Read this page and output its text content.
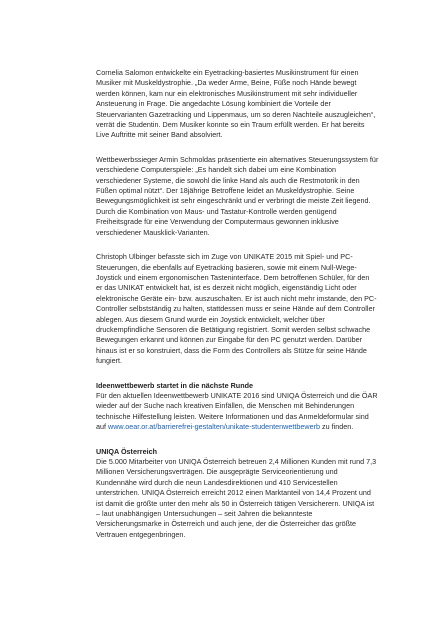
Cornelia Salomon entwickelte ein Eyetracking-basiertes Musikinstrument für einen
Musiker mit Muskeldystrophie. „Da weder Arme, Beine, Füße noch Hände bewegt
werden können, kam nur ein elektronisches Musikinstrument mit sehr individueller
Ansteuerung in Frage. Die angedachte Lösung kombiniert die Vorteile der
Steuervarianten Gazetracking und Lippenmaus, um so deren Nachteile auszugleichen“,
verrät die Studentin. Dem Musiker konnte so ein Traum erfüllt werden. Er hat bereits
Live Auftritte mit seiner Band absolviert.

Wettbewerbssieger Armin Schmoldas präsentierte ein alternatives Steuerungssystem für
verschiedene Computerspiele: „Es handelt sich dabei um eine Kombination
verschiedener Systeme, die sowohl die linke Hand als auch die Restmotorik in den
Füßen optimal nützt“. Der 18jährige Betroffene leidet an Muskeldystrophie. Seine
Bewegungsmöglichkeit ist sehr eingeschränkt und er verbringt die meiste Zeit liegend.
Durch die Kombination von Maus- und Tastatur-Kontrolle werden genügend
Freiheitsgrade für eine Verwendung der Computermaus gewonnen inklusive
verschiedener Mausklick-Varianten.

Christoph Ulbinger befasste sich im Zuge von UNIKATE 2015 mit Spiel- und PC-
Steuerungen, die ebenfalls auf Eyetracking basieren, sowie mit einem Null-Wege-
Joystick und einem ergonomischen Tasteninterface. Dem betroffenen Schüler, für den
er das UNIKAT entwickelt hat, ist es derzeit nicht möglich, eigenständig Licht oder
elektronische Geräte ein- bzw. auszuschalten. Er ist auch nicht mehr imstande, den PC-
Controller selbstständig zu halten, stattdessen muss er seine Hände auf dem Controller
ablegen. Aus diesem Grund wurde ein Joystick entwickelt, welcher über
druckempfindliche Sensoren die Betätigung registriert. Somit werden selbst schwache
Bewegungen erkannt und können zur Eingabe für den PC genutzt werden. Darüber
hinaus ist er so konstruiert, dass die Form des Controllers als Stütze für seine Hände
fungiert.

Ideenwettbewerb startet in die nächste Runde
Für den aktuellen Ideenwettbewerb UNIKATE 2016 sind UNIQA Österreich und die ÖAR
wieder auf der Suche nach kreativen Einfällen, die Menschen mit Behinderungen
technische Hilfestellung leisten. Weitere Informationen und das Anmeldeformular sind
auf www.oear.or.at/barrierefrei-gestalten/unikate-studentenwettbewerb zu finden.

UNIQA Österreich
Die 5.000 Mitarbeiter von UNIQA Österreich betreuen 2,4 Millionen Kunden mit rund 7,3
Millionen Versicherungsverträgen. Die ausgeprägte Serviceorientierung und
Kundennähe wird durch die neun Landesdirektionen und 410 Servicestellen
unterstrichen. UNIQA Österreich erreicht 2012 einen Marktanteil von 14,4 Prozent und
ist damit die größte unter den mehr als 50 in Österreich tätigen Versicherern. UNIQA ist
– laut unabhängigen Untersuchungen – seit Jahren die bekannteste
Versicherungsmarke in Österreich und auch jene, der die Österreicher das größte
Vertrauen entgegenbringen.
